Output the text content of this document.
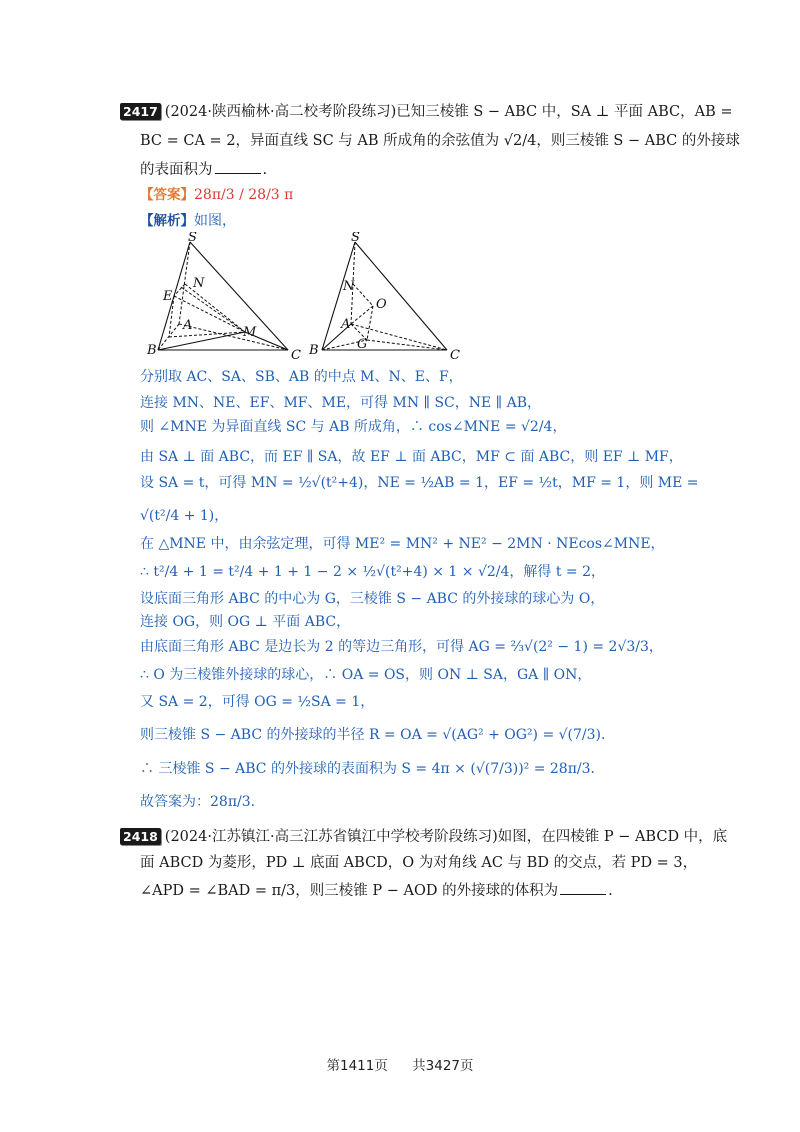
2417 (2024·陕西榆林·高二校考阶段练习)已知三棱锥 S − ABC 中，SA ⊥ 平面 ABC，AB =
BC = CA = 2，异面直线 SC 与 AB 所成角的余弦值为 √2/4，则三棱锥 S − ABC 的外接球
的表面积为	.
【答案】28π/3 / 28/3 π
【解析】如图，
S
N
E
A	M
B	C
S
N
O
A
G
B	C
分别取 AC、SA、SB、AB 的中点 M、N、E、F，
连接 MN、NE、EF、MF、ME，可得 MN ∥ SC，NE ∥ AB，
则 ∠MNE 为异面直线 SC 与 AB 所成角，∴ cos∠MNE = √2/4，
由 SA ⊥ 面 ABC，而 EF ∥ SA，故 EF ⊥ 面 ABC，MF ⊂ 面 ABC，则 EF ⊥ MF，
设 SA = t，可得 MN = ½√(t²+4)，NE = ½AB = 1，EF = ½t，MF = 1，则 ME =
√(t²/4 + 1)，
在 △MNE 中，由余弦定理，可得 ME² = MN² + NE² − 2MN · NEcos∠MNE，
∴ t²/4 + 1 = t²/4 + 1 + 1 − 2 × ½√(t²+4) × 1 × √2/4，解得 t = 2，
设底面三角形 ABC 的中心为 G，三棱锥 S − ABC 的外接球的球心为 O，
连接 OG，则 OG ⊥ 平面 ABC，
由底面三角形 ABC 是边长为 2 的等边三角形，可得 AG = ⅔√(2² − 1) = 2√3/3，
∴ O 为三棱锥外接球的球心，∴ OA = OS，则 ON ⊥ SA，GA ∥ ON，
又 SA = 2，可得 OG = ½SA = 1，
则三棱锥 S − ABC 的外接球的半径 R = OA = √(AG² + OG²) = √(7/3)．
∴ 三棱锥 S − ABC 的外接球的表面积为 S = 4π × (√(7/3))² = 28π/3．
故答案为：28π/3．
2418 (2024·江苏镇江·高三江苏省镇江中学校考阶段练习)如图，在四棱锥 P − ABCD 中，底
面 ABCD 为菱形，PD ⊥ 底面 ABCD，O 为对角线 AC 与 BD 的交点，若 PD = 3，
∠APD = ∠BAD = π/3，则三棱锥 P − AOD 的外接球的体积为	.
第1411页 共3427页
